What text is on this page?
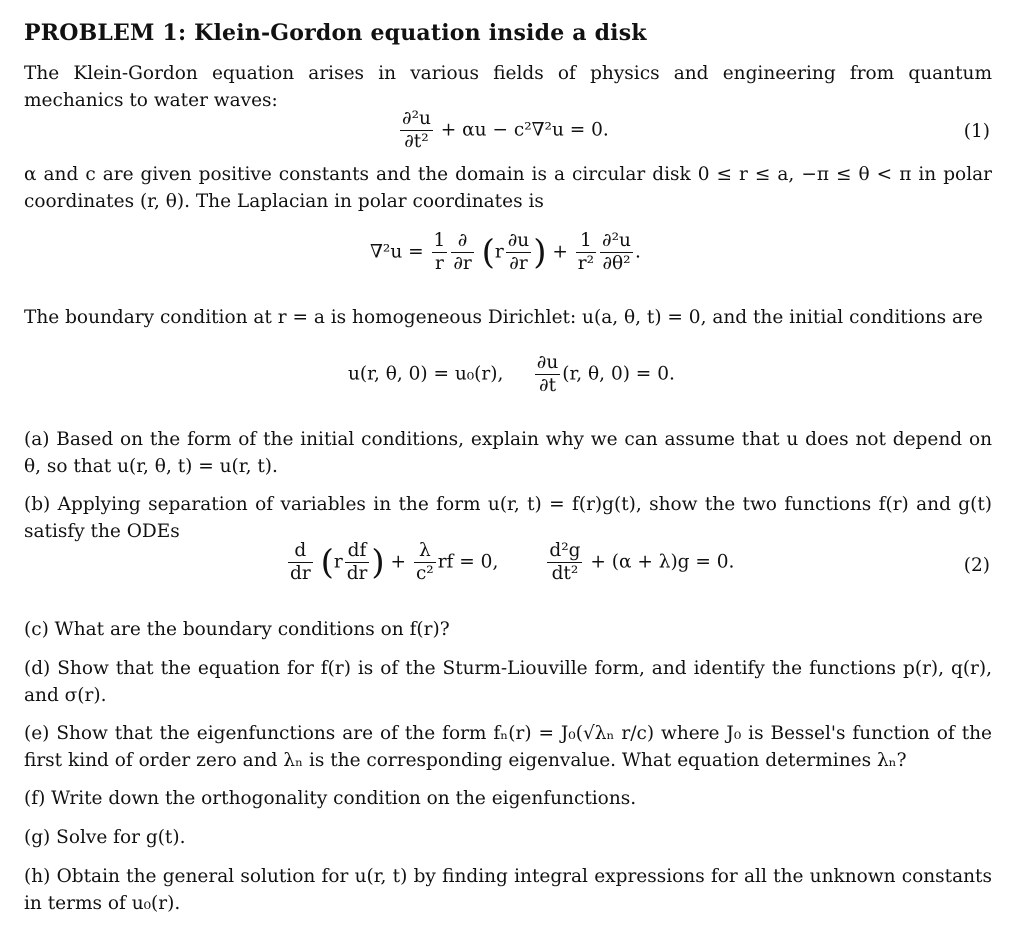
PROBLEM 1: Klein-Gordon equation inside a disk
The Klein-Gordon equation arises in various fields of physics and engineering from quantum mechanics to water waves:
$\frac{\text{∂²u}}{\text{∂t²}} + \alpha u - c^2\nabla^2u = 0$.	(1)
α and c are given positive constants and the domain is a circular disk 0 ≤ r ≤ a, −π ≤ θ < π in polar coordinates (r, θ). The Laplacian in polar coordinates is
$\nabla^2u = \frac{1}{r} \frac{\partial}{\partial r} (r \frac{\partial u}{\partial r}$ ) + $\frac{1}{\text{r²}} \frac{\text{∂²u}}{\text{∂θ²}}$ .
The boundary condition at r = a is homogeneous Dirichlet: u(a, θ, t) = 0, and the initial conditions are
u(r, θ, 0) = u₀(r), $\frac{\partial u}{\partial t} (r$, θ, 0) = 0.
(a) Based on the form of the initial conditions, explain why we can assume that u does not depend on θ, so that u(r, θ, t) = u(r, t).
(b) Applying separation of variables in the form u(r, t) = f(r)g(t), show the two functions f(r) and g(t) satisfy the ODEs
$\frac{d}{dr} (r \frac{df}{dr}$ ) + $\frac{\lambda}{\text{c²}}$ rf = 0,	$\frac{\text{d²g}}{\text{dt²}} + (\alpha + \lambda)g = 0$.	(2)
(c) What are the boundary conditions on f(r)?
(d) Show that the equation for f(r) is of the Sturm-Liouville form, and identify the functions p(r), q(r), and σ(r).
(e) Show that the eigenfunctions are of the form fₙ(r) = J₀(√λₙ r/c) where J₀ is Bessel's function of the first kind of order zero and λₙ is the corresponding eigenvalue. What equation determines λₙ?
(f) Write down the orthogonality condition on the eigenfunctions.
(g) Solve for g(t).
(h) Obtain the general solution for u(r, t) by finding integral expressions for all the unknown constants in terms of u₀(r).
